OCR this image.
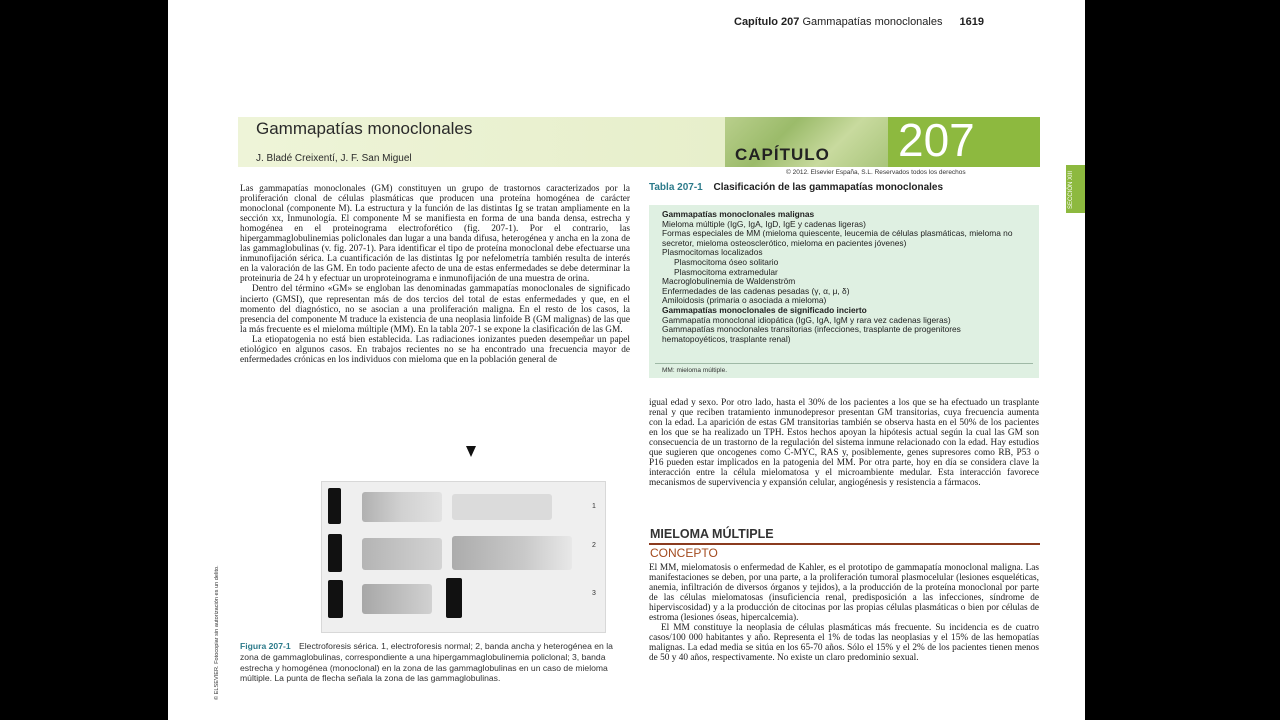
Capítulo 207 Gammapatías monoclonales 1619
Gammapatías monoclonales
J. Bladé Creixentí, J. F. San Miguel	CAPÍTULO 207
© 2012. Elsevier España, S.L. Reservados todos los derechos	SECCIÓN XIII

Las gammapatías monoclonales (GM) constituyen un grupo de trastornos caracterizados por la proliferación clonal de células plasmáticas que producen una proteína homogénea de carácter monoclonal (componente M). La estructura y la función de las distintas Ig se tratan ampliamente en la sección xx, Inmunología. El componente M se manifiesta en forma de una banda densa, estrecha y homogénea en el proteinograma electroforético (fig. 207-1). Por el contrario, las hipergammaglobulinemias policlonales dan lugar a una banda difusa, heterogénea y ancha en la zona de las gammaglobulinas (v. fig. 207-1). Para identificar el tipo de proteína monoclonal debe efectuarse una inmunofijación sérica. La cuantificación de las distintas Ig por nefelometría también resulta de interés en la valoración de las GM. En todo paciente afecto de una de estas enfermedades se debe determinar la proteinuria de 24 h y efectuar un uroproteinograma e inmunofijación de una muestra de orina.

Dentro del término «GM» se engloban las denominadas gammapatías monoclonales de significado incierto (GMSI), que representan más de dos tercios del total de estas enfermedades y que, en el momento del diagnóstico, no se asocian a una proliferación maligna. En el resto de los casos, la presencia del componente M traduce la existencia de una neoplasia linfoide B (GM malignas) de las que la más frecuente es el mieloma múltiple (MM). En la tabla 207-1 se expone la clasificación de las GM.

La etiopatogenia no está bien establecida. Las radiaciones ionizantes pueden desempeñar un papel etiológico en algunos casos. En trabajos recientes no se ha encontrado una frecuencia mayor de enfermedades crónicas en los individuos con mieloma que en la población general de

Tabla 207-1 Clasificación de las gammapatías monoclonales
Gammapatías monoclonales malignas
Mieloma múltiple (IgG, IgA, IgD, IgE y cadenas ligeras)
Formas especiales de MM (mieloma quiescente, leucemia de células plasmáticas, mieloma no secretor, mieloma osteosclerótico, mieloma en pacientes jóvenes)
Plasmocitomas localizados
Plasmocitoma óseo solitario
Plasmocitoma extramedular
Macroglobulinemia de Waldenström
Enfermedades de las cadenas pesadas (γ, α, μ, δ)
Amiloidosis (primaria o asociada a mieloma)
Gammapatías monoclonales de significado incierto
Gammapatía monoclonal idiopática (IgG, IgA, IgM y rara vez cadenas ligeras)
Gammapatías monoclonales transitorias (infecciones, trasplante de progenitores hematopoyéticos, trasplante renal)
MM: mieloma múltiple.

igual edad y sexo. Por otro lado, hasta el 30% de los pacientes a los que se ha efectuado un trasplante renal y que reciben tratamiento inmunodepresor presentan GM transitorias, cuya frecuencia aumenta con la edad. La aparición de estas GM transitorias también se observa hasta en el 50% de los pacientes en los que se ha realizado un TPH. Estos hechos apoyan la hipótesis actual según la cual las GM son consecuencia de un trastorno de la regulación del sistema inmune relacionado con la edad. Hay estudios que sugieren que oncogenes como C-MYC, RAS y, posiblemente, genes supresores como RB, P53 o P16 pueden estar implicados en la patogenia del MM. Por otra parte, hoy en día se considera clave la interacción entre la célula mielomatosa y el microambiente medular. Esta interacción favorece mecanismos de supervivencia y expansión celular, angiogénesis y resistencia a fármacos.

MIELOMA MÚLTIPLE
CONCEPTO

El MM, mielomatosis o enfermedad de Kahler, es el prototipo de gammapatía monoclonal maligna. Las manifestaciones se deben, por una parte, a la proliferación tumoral plasmocelular (lesiones esqueléticas, anemia, infiltración de diversos órganos y tejidos), a la producción de la proteína monoclonal por parte de las células mielomatosas (insuficiencia renal, predisposición a las infecciones, síndrome de hiperviscosidad) y a la producción de citocinas por las propias células plasmáticas o bien por células de estroma (lesiones óseas, hipercalcemia).

El MM constituye la neoplasia de células plasmáticas más frecuente. Su incidencia es de cuatro casos/100 000 habitantes y año. Representa el 1% de todas las neoplasias y el 15% de las hemopatías malignas. La edad media se sitúa en los 65-70 años. Sólo el 15% y el 2% de los pacientes tienen menos de 50 y 40 años, respectivamente. No existe un claro predominio sexual.

1
2
3
Figura 207-1 Electroforesis sérica. 1, electroforesis normal; 2, banda ancha y heterogénea en la zona de gammaglobulinas, correspondiente a una hipergammaglobulinemia policlonal; 3, banda estrecha y homogénea (monoclonal) en la zona de las gammaglobulinas en un caso de mieloma múltiple. La punta de flecha señala la zona de las gammaglobulinas.
© ELSEVIER. Fotocopiar sin autorización es un delito.
